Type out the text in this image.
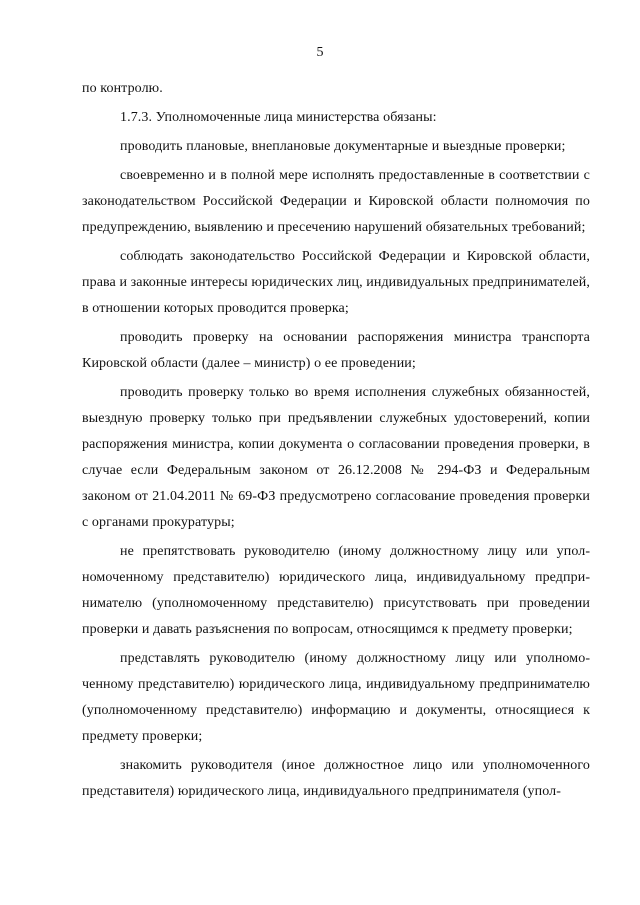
5

по контролю.

1.7.3. Уполномоченные лица министерства обязаны:

проводить плановые, внеплановые документарные и выездные проверки;

своевременно и в полной мере исполнять предоставленные в соответствии с законодательством Российской Федерации и Кировской области полномочия по предупреждению, выявлению и пресечению нарушений обязательных требований;

соблюдать законодательство Российской Федерации и Кировской области, права и законные интересы юридических лиц, индивидуальных предпринимателей, в отношении которых проводится проверка;

проводить проверку на основании распоряжения министра транспорта Кировской области (далее – министр) о ее проведении;

проводить проверку только во время исполнения служебных обязанностей, выездную проверку только при предъявлении служебных удостоверений, копии распоряжения министра, копии документа о согласовании проведения проверки, в случае если Федеральным законом от 26.12.2008 № 294-ФЗ и Федеральным законом от 21.04.2011 № 69-ФЗ предусмотрено согласование проведения проверки с органами прокуратуры;

не препятствовать руководителю (иному должностному лицу или уполномоченному представителю) юридического лица, индивидуальному предпринимателю (уполномоченному представителю) присутствовать при проведении проверки и давать разъяснения по вопросам, относящимся к предмету проверки;

представлять руководителю (иному должностному лицу или уполномоченному представителю) юридического лица, индивидуальному предпринимателю (уполномоченному представителю) информацию и документы, относящиеся к предмету проверки;

знакомить руководителя (иное должностное лицо или уполномоченного представителя) юридического лица, индивидуального предпринимателя (упол-
